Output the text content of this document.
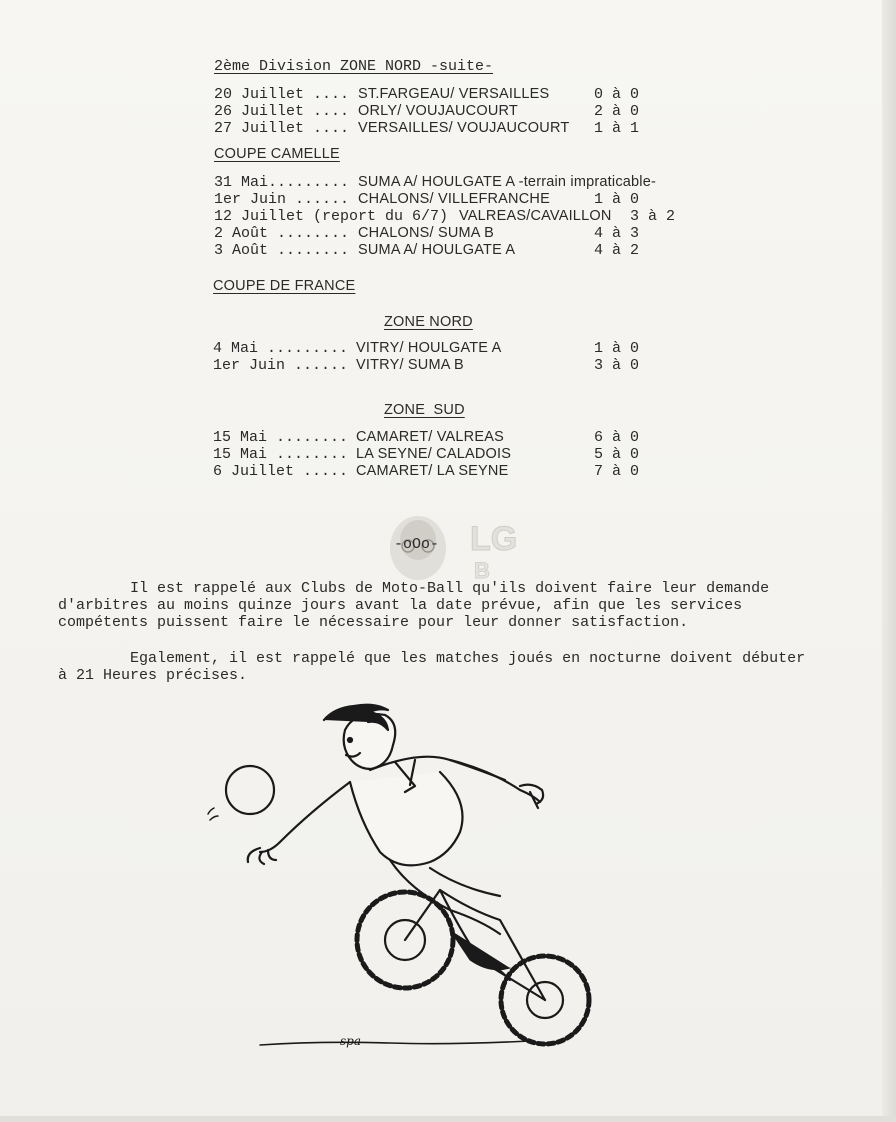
2ème Division ZONE NORD -suite-
20 Juillet .... ST.FARGEAU/ VERSAILLES	0 à 0
26 Juillet .... ORLY/ VOUJAUCOURT	2 à 0
27 Juillet .... VERSAILLES/ VOUJAUCOURT 1 à 1
COUPE CAMELLE
31 Mai......... SUMA A/ HOULGATE A -terrain impraticable-
1er Juin ...... CHALONS/ VILLEFRANCHE	1 à 0
12 Juillet (report du 6/7) VALREAS/CAVAILLON 3 à 2
2 Août ........ CHALONS/ SUMA B	4 à 3
3 Août ........ SUMA A/ HOULGATE A	4 à 2
COUPE DE FRANCE
ZONE NORD
4 Mai ......... VITRY/ HOULGATE A	1 à 0
1er Juin ...... VITRY/ SUMA B	3 à 0
ZONE  SUD
15 Mai ........ CAMARET/ VALREAS	6 à 0
15 Mai ........ LA SEYNE/ CALADOIS	5 à 0
6 Juillet ..... CAMARET/ LA SEYNE	7 à 0
LG
B
-oOo-
Il est rappelé aux Clubs de Moto-Ball qu'ils doivent faire leur demande
d'arbitres au moins quinze jours avant la date prévue, afin que les services
compétents puissent faire le nécessaire pour leur donner satisfaction.
Egalement, il est rappelé que les matches joués en nocturne doivent débuter
à 21 Heures précises.
spa
